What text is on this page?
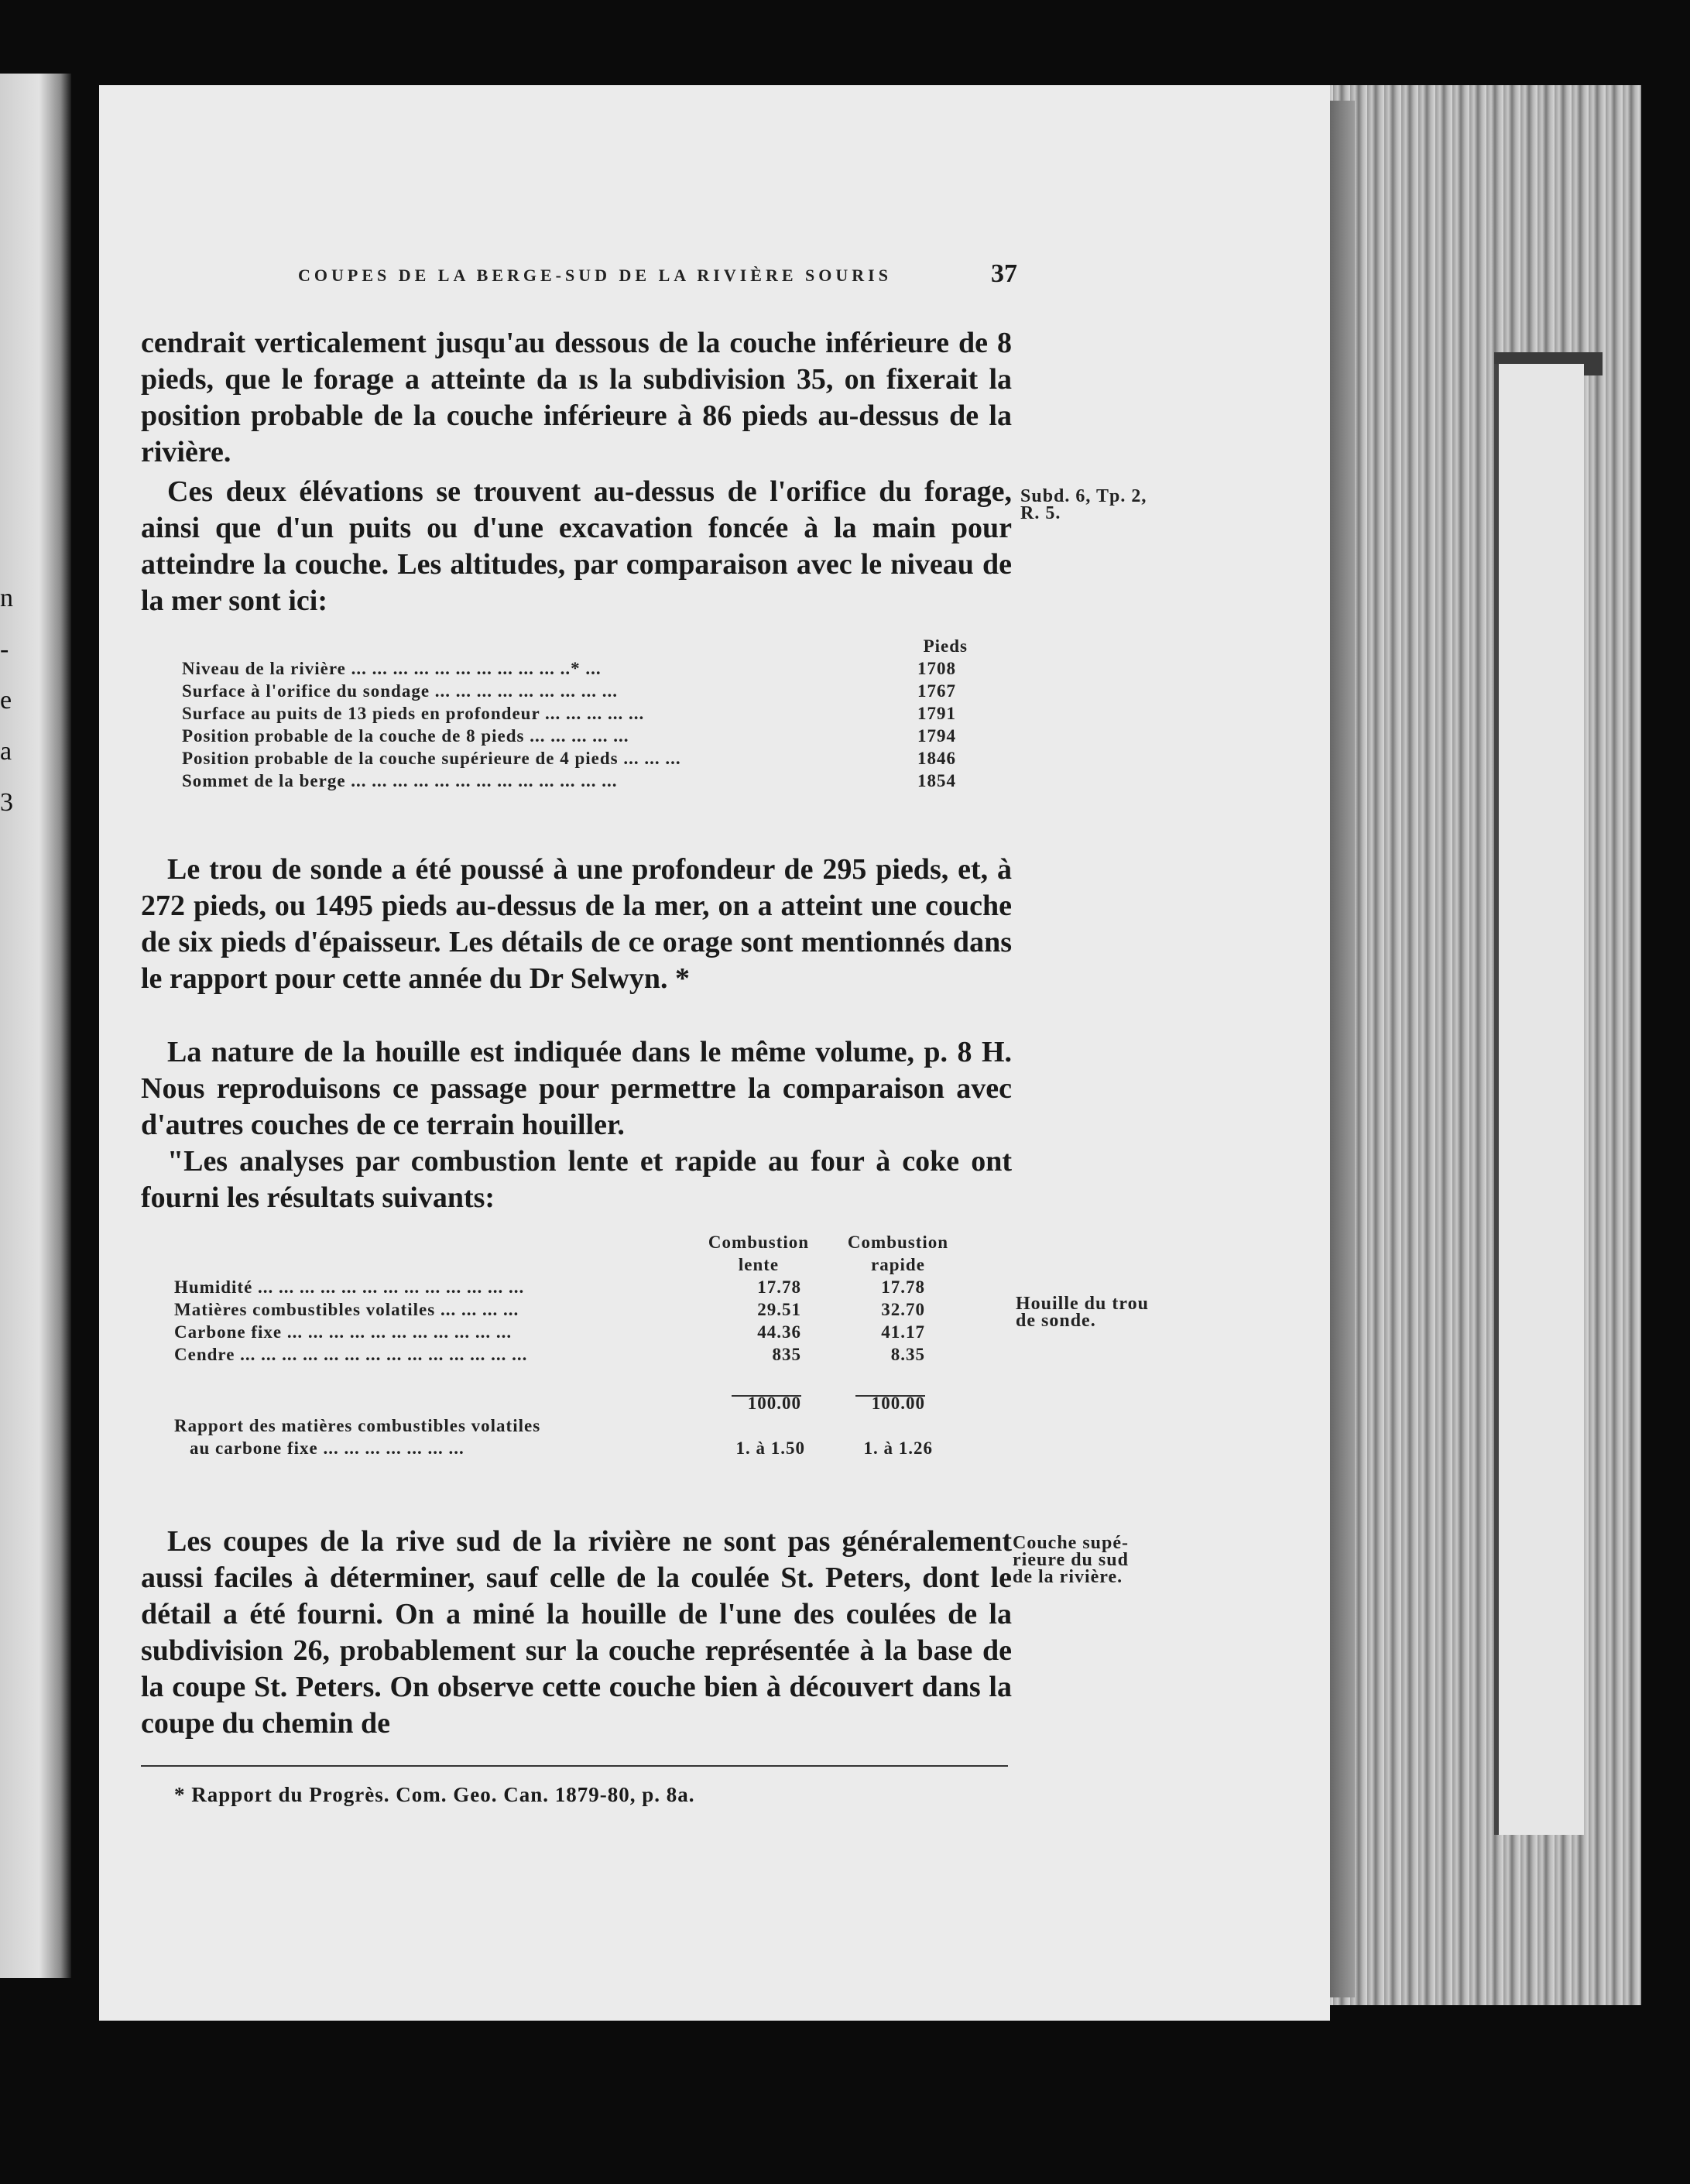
n
-
e
a
3
COUPES DE LA BERGE-SUD DE LA RIVIÈRE SOURIS	37

cendrait verticalement jusqu'au dessous de la couche inférieure de 8 pieds, que le forage a atteinte da ıs la subdivision 35, on fixerait la position probable de la couche inférieure à 86 pieds au-dessus de la rivière.

Ces deux élévations se trouvent au-dessus de l'orifice du forage, ainsi que d'un puits ou d'une excavation foncée à la main pour atteindre la couche. Les altitudes, par comparaison avec le niveau de la mer sont ici:

Subd. 6, Tp. 2,
R. 5.
Pieds
Niveau de la rivière ... ... ... ... ... ... ... ... ... ... ..* ...	1708
Surface à l'orifice du sondage ... ... ... ... ... ... ... ... ...	1767
Surface au puits de 13 pieds en profondeur ... ... ... ... ...	1791
Position probable de la couche de 8 pieds ... ... ... ... ...	1794
Position probable de la couche supérieure de 4 pieds ... ... ...	1846
Sommet de la berge ... ... ... ... ... ... ... ... ... ... ... ... ...	1854

Le trou de sonde a été poussé à une profondeur de 295 pieds, et, à 272 pieds, ou 1495 pieds au-dessus de la mer, on a atteint une couche de six pieds d'épaisseur. Les détails de ce orage sont mentionnés dans le rapport pour cette année du Dr Selwyn. *

La nature de la houille est indiquée dans le même volume, p. 8 H. Nous reproduisons ce passage pour permettre la comparaison avec d'autres couches de ce terrain houiller.

"Les analyses par combustion lente et rapide au four à coke ont fourni les résultats suivants:

Combustion	Combustion
lente	rapide
Humidité ... ... ... ... ... ... ... ... ... ... ... ... ...	17.78	17.78
Matières combustibles volatiles ... ... ... ...	29.51	32.70
Carbone fixe ... ... ... ... ... ... ... ... ... ... ...	44.36	41.17
Cendre ... ... ... ... ... ... ... ... ... ... ... ... ... ...	835	8.35
100.00	100.00
Rapport des matières combustibles volatiles
au carbone fixe ... ... ... ... ... ... ...	1. à 1.50	1. à 1.26
Houille du trou
de sonde.

Les coupes de la rive sud de la rivière ne sont pas généralement aussi faciles à déterminer, sauf celle de la coulée St. Peters, dont le détail a été fourni. On a miné la houille de l'une des coulées de la subdivision 26, probablement sur la couche représentée à la base de la coupe St. Peters. On observe cette couche bien à découvert dans la coupe du chemin de

Couche supé-
rieure du sud
de la rivière.
* Rapport du Progrès. Com. Geo. Can. 1879-80, p. 8a.
